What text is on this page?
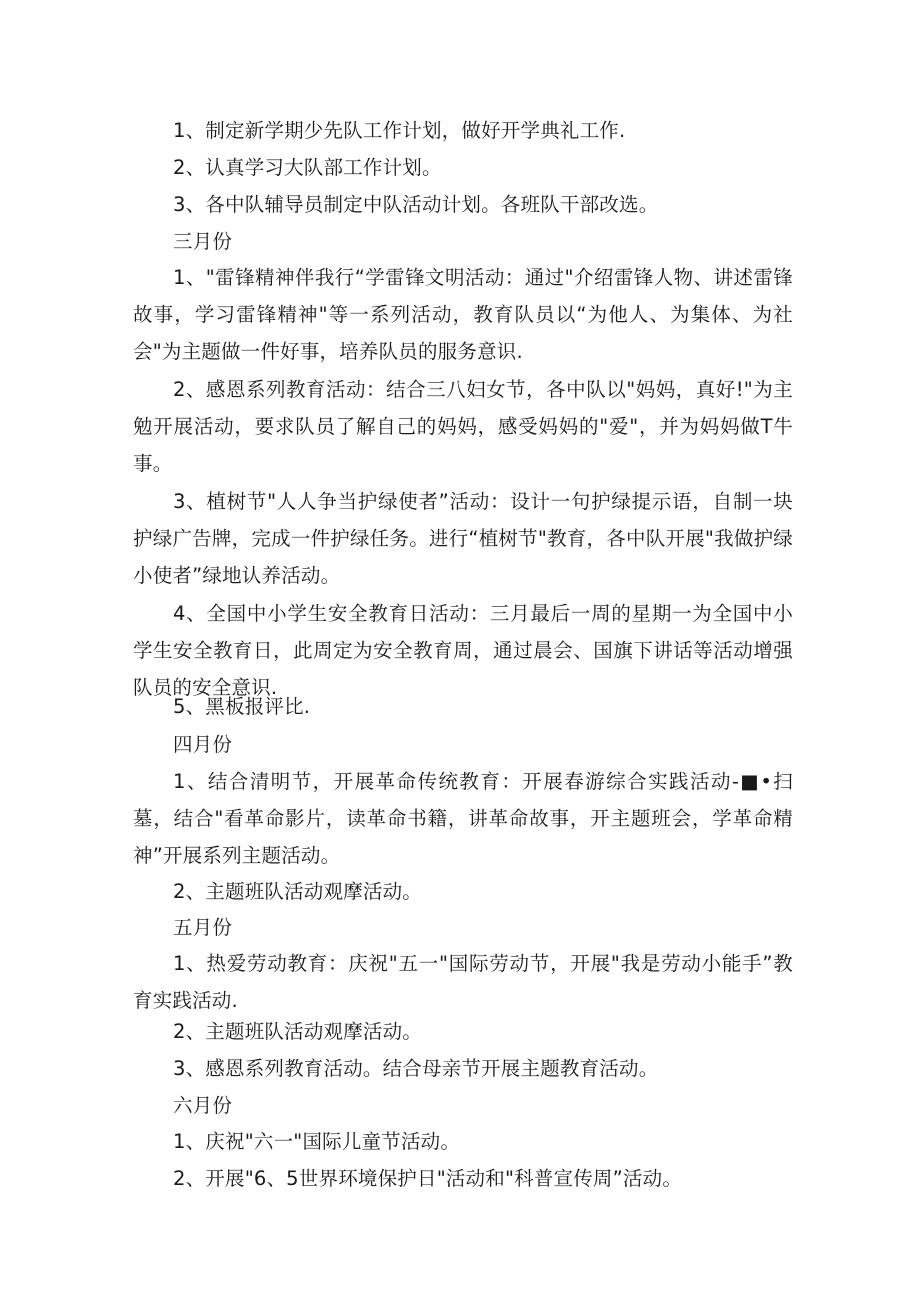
1、制定新学期少先队工作计划，做好开学典礼工作.

2、认真学习大队部工作计划。

3、各中队辅导员制定中队活动计划。各班队干部改选。

三月份

1、"雷锋精神伴我行“学雷锋文明活动：通过"介绍雷锋人物、讲述雷锋故事，学习雷锋精神"等一系列活动，教育队员以“为他人、为集体、为社会"为主题做一件好事，培养队员的服务意识.

2、感恩系列教育活动：结合三八妇女节，各中队以"妈妈，真好!"为主勉开展活动，要求队员了解自己的妈妈，感受妈妈的"爱"，并为妈妈做T牛事。

3、植树节"人人争当护绿使者”活动：设计一句护绿提示语，自制一块护绿广告牌，完成一件护绿任务。进行“植树节"教育，各中队开展"我做护绿小使者”绿地认养活动。

4、全国中小学生安全教育日活动：三月最后一周的星期一为全国中小学生安全教育日，此周定为安全教育周，通过晨会、国旗下讲话等活动增强队员的安全意识.

5、黑板报评比.

四月份

1、结合清明节，开展革命传统教育：开展春游综合实践活动-■•扫墓，结合"看革命影片，读革命书籍，讲革命故事，开主题班会，学革命精神”开展系列主题活动。

2、主题班队活动观摩活动。

五月份

1、热爱劳动教育：庆祝"五一"国际劳动节，开展"我是劳动小能手”教育实践活动.

2、主题班队活动观摩活动。

3、感恩系列教育活动。结合母亲节开展主题教育活动。

六月份

1、庆祝"六一"国际儿童节活动。

2、开展"6、5世界环境保护日"活动和"科普宣传周”活动。
